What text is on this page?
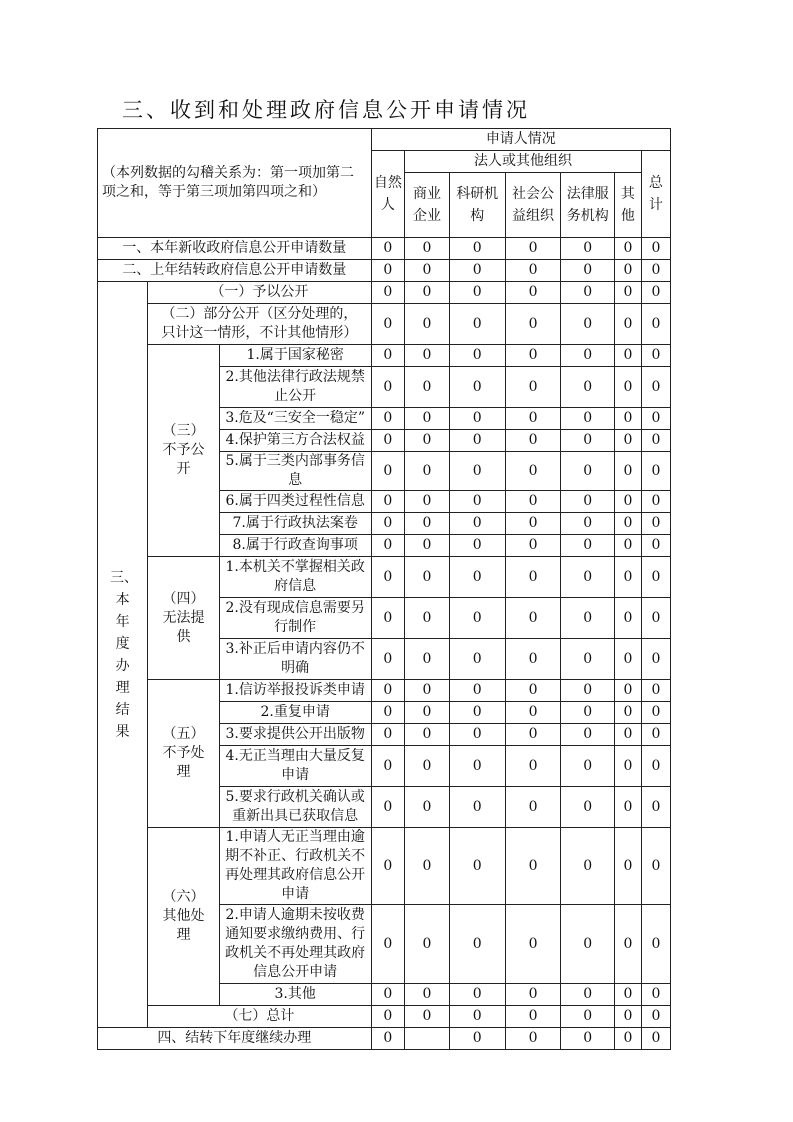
三、收到和处理政府信息公开申请情况
（本列数据的勾稽关系为：第一项加第二项之和，等于第三项加第四项之和）			申请人情况						
			自然人	法人或其他组织					总计
				商业企业	科研机构	社会公益组织	法律服务机构	其他	
一、本年新收政府信息公开申请数量			0	0	0	0	0	0	0
二、上年结转政府信息公开申请数量			0	0	0	0	0	0	0
三、本年度办理结果	（一）予以公开		0	0	0	0	0	0	0
	（二）部分公开（区分处理的，只计这一情形，不计其他情形）		0	0	0	0	0	0	0
	（三）不予公开	1.属于国家秘密	0	0	0	0	0	0	0
		2.其他法律行政法规禁止公开	0	0	0	0	0	0	0
		3.危及“三安全一稳定”	0	0	0	0	0	0	0
		4.保护第三方合法权益	0	0	0	0	0	0	0
		5.属于三类内部事务信息	0	0	0	0	0	0	0
		6.属于四类过程性信息	0	0	0	0	0	0	0
		7.属于行政执法案卷	0	0	0	0	0	0	0
		8.属于行政查询事项	0	0	0	0	0	0	0
	（四）无法提供	1.本机关不掌握相关政府信息	0	0	0	0	0	0	0
		2.没有现成信息需要另行制作	0	0	0	0	0	0	0
		3.补正后申请内容仍不明确	0	0	0	0	0	0	0
	（五）不予处理	1.信访举报投诉类申请	0	0	0	0	0	0	0
		2.重复申请	0	0	0	0	0	0	0
		3.要求提供公开出版物	0	0	0	0	0	0	0
		4.无正当理由大量反复申请	0	0	0	0	0	0	0
		5.要求行政机关确认或重新出具已获取信息	0	0	0	0	0	0	0
	（六）其他处理	1.申请人无正当理由逾期不补正、行政机关不再处理其政府信息公开申请	0	0	0	0	0	0	0
		2.申请人逾期未按收费通知要求缴纳费用、行政机关不再处理其政府信息公开申请	0	0	0	0	0	0	0
		3.其他	0	0	0	0	0	0	0
	（七）总计		0	0	0	0	0	0	0
四、结转下年度继续办理			0		0	0	0	0	0
